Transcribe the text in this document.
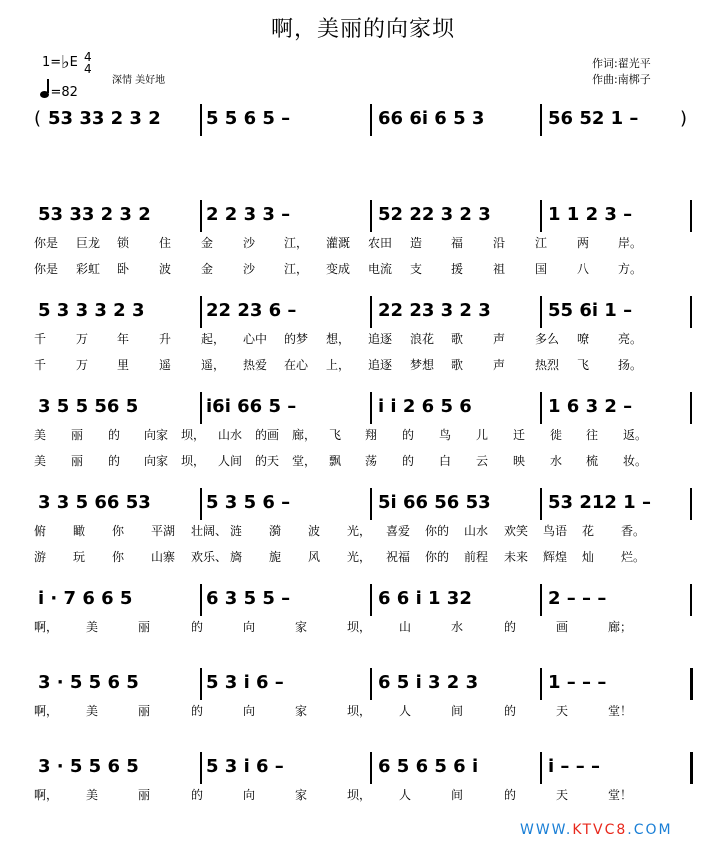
啊，美丽的向家坝
1=♭E 4
4
=82
深情 美好地
作词:翟光平
作曲:南梆子
(	)
53 33 2 3 2	5 5 6 5 –	66 6i 6 5 3	56 52 1 –
53 33 2 3 2	2 2 3 3 –	52 22 3 2 3	1 1 2 3 –
你是 巨龙 锁 住 金 沙 江， 灌溉 农田 造 福 沿 江 两 岸。
你是 彩虹 卧 波 金 沙 江， 变成 电流 支 援 祖 国 八 方。
5 3 3 3 2 3	22 23 6 –	22 23 3 2 3	55 6i 1 –
千 万 年 升 起， 心中 的梦 想， 追逐 浪花 歌 声 多么 嘹 亮。
千 万 里 遥 遥， 热爱 在心 上， 追逐 梦想 歌 声 热烈 飞 扬。
3 5 5 56 5	i6i 66 5 –	i i 2 6 5 6	1 6 3 2 –
美 丽 的 向家 坝， 山水 的画 廊， 飞 翔 的 鸟 儿 迁 徙 往 返。
美 丽 的 向家 坝， 人间 的天 堂， 飘 荡 的 白 云 映 水 梳 妆。
3 3 5 66 53	5 3 5 6 –	5i 66 56 53	53 212 1 –
俯 瞰 你 平湖 壮阔、 涟 漪 波 光， 喜爱 你的 山水 欢笑 鸟语 花 香。
游 玩 你 山寨 欢乐、 旖 旎 风 光， 祝福 你的 前程 未来 辉煌 灿 烂。
i · 7 6 6 5	6 3 5 5 –	6 6 i 1 32	2 – – –
啊， 美	丽	的	向	家	坝， 山	水	的	画	廊；
3 · 5 5 6 5	5 3 i 6 –	6 5 i 3 2 3	1 – – –
啊， 美	丽	的	向	家	坝， 人	间	的	天	堂！
3 · 5 5 6 5	5 3 i 6 –	6 5 6 5 6 i	i – – –
啊， 美	丽	的	向	家	坝， 人	间	的	天	堂！
WWW.KTVC8.COM
